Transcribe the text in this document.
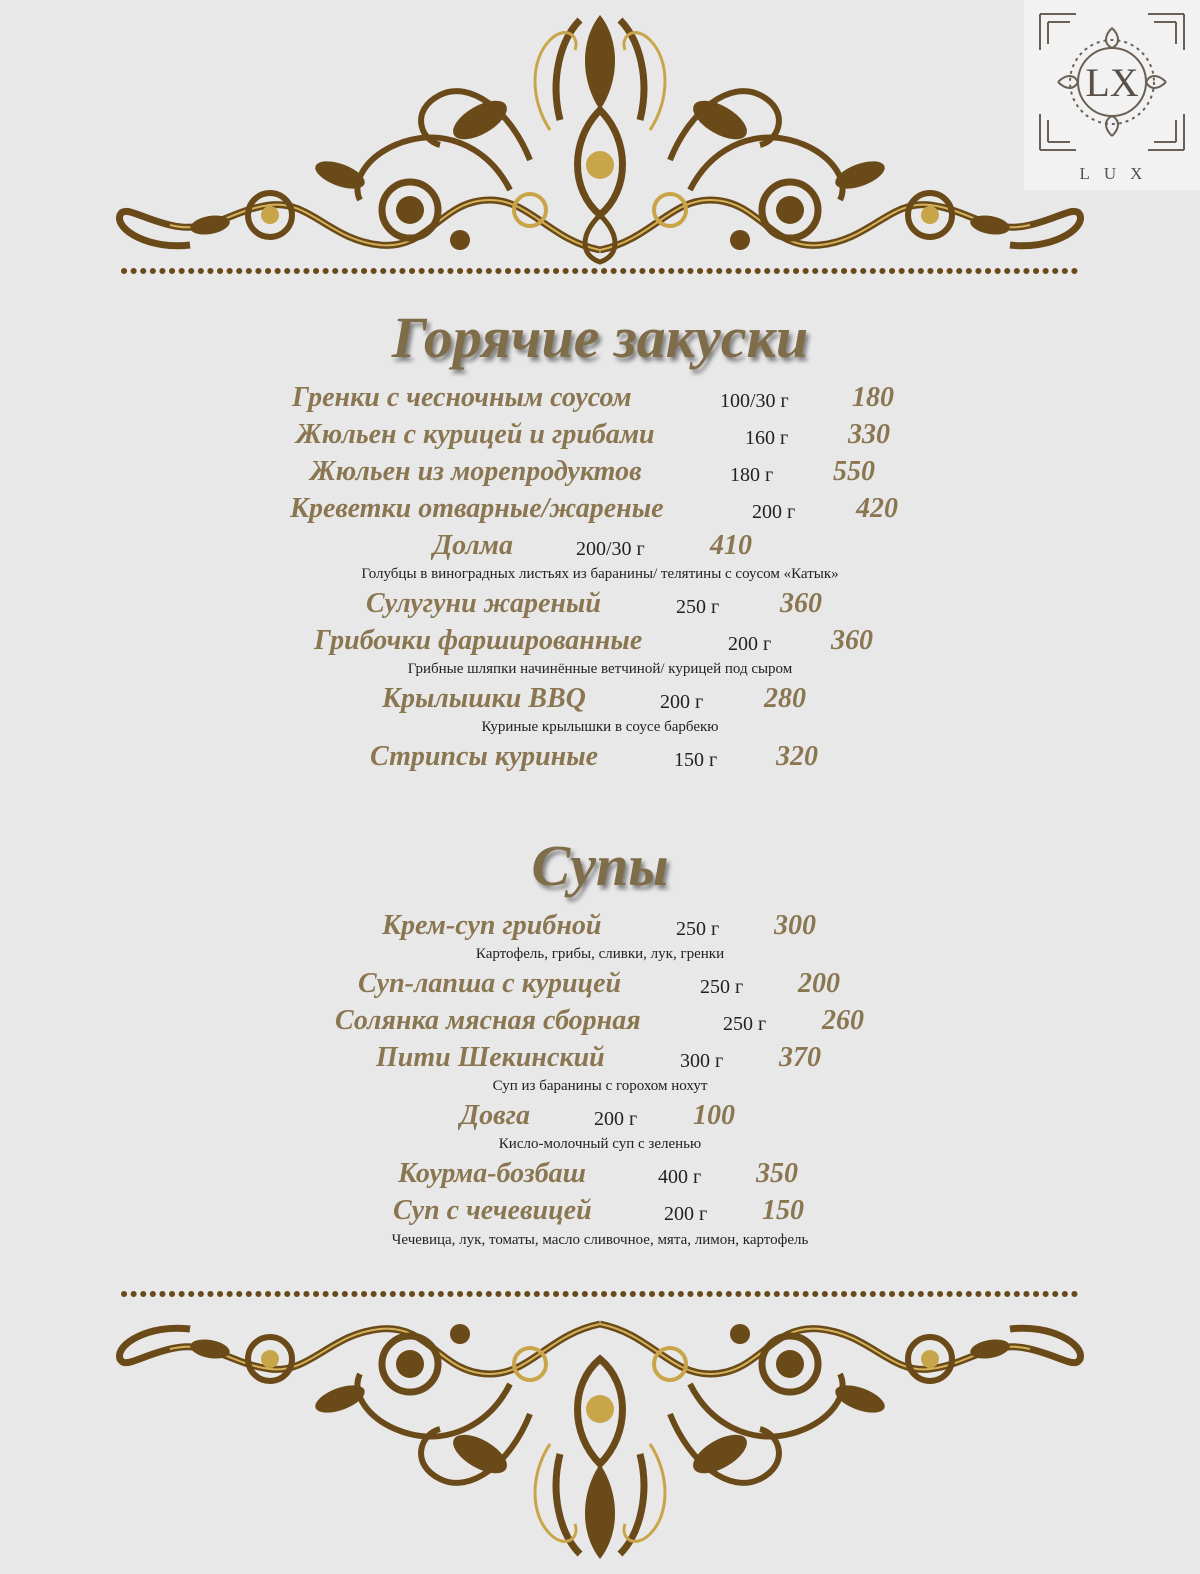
LX
LUX
Горячие закуски
Гренки с чесночным соусом	100/30 г 180
Жюльен с курицей и грибами	160 г 330
Жюльен из морепродуктов	180 г 550
Креветки отварные/жареные	200 г 420
Долма	200/30 г 410
Голубцы в виноградных листьях из баранины/ телятины с соусом «Катык»
Сулугуни жареный	250 г 360
Грибочки фаршированные	200 г 360
Грибные шляпки начинённые ветчиной/ курицей под сыром
Крылышки BBQ	200 г 280
Куриные крылышки в соусе барбекю
Стрипсы куриные	150 г 320
Супы
Крем-суп грибной	250 г 300
Картофель, грибы, сливки, лук, гренки
Суп-лапша с курицей	250 г 200
Солянка мясная сборная	250 г 260
Пити Шекинский	300 г 370
Суп из баранины с горохом нохут
Довга	200 г 100
Кисло-молочный суп с зеленью
Коурма-бозбаш	400 г 350
Суп с чечевицей	200 г 150
Чечевица, лук, томаты, масло сливочное, мята, лимон, картофель
